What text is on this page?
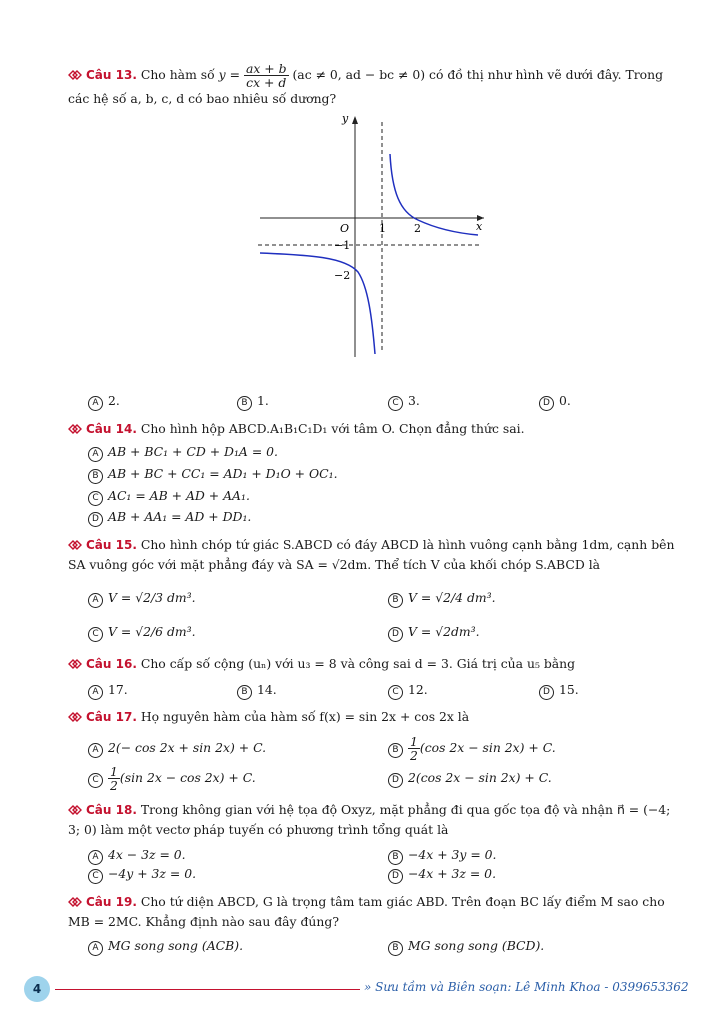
Câu 13. Cho hàm số $y = \frac{ax + b}{cx + d} (ac \ne 0$, ad − bc ≠ 0) có đồ thị như hình vẽ dưới đây. Trong
các hệ số a, b, c, d có bao nhiêu số dương?
y
x
O	1	2
−1
−2
A 2.	B 1.	C 3.	D 0.
Câu 14. Cho hình hộp ABCD.A₁B₁C₁D₁ với tâm O. Chọn đẳng thức sai.
A AB + BC₁ + CD + D₁A = 0.
B AB + BC + CC₁ = AD₁ + D₁O + OC₁.
C AC₁ = AB + AD + AA₁.
D AB + AA₁ = AD + DD₁.
Câu 15. Cho hình chóp tứ giác S.ABCD có đáy ABCD là hình vuông cạnh bằng 1dm, cạnh bên SA vuông góc với mặt phẳng đáy và SA = √2dm. Thể tích V của khối chóp S.ABCD là
A V = √2/3 dm³.	B V = √2/4 dm³.
C V = √2/6 dm³.	D V = √2dm³.
Câu 16. Cho cấp số cộng (uₙ) với u₃ = 8 và công sai d = 3. Giá trị của u₅ bằng
A 17.	B 14.	C 12.	D 15.
Câu 17. Họ nguyên hàm của hàm số f(x) = sin 2x + cos 2x là
A 2(− cos 2x + sin 2x) + C.	B $\frac{1}{2} (\cos$ 2x − sin 2x) + C.
C $\frac{1}{2} (\sin$ 2x − cos 2x) + C.	D 2(cos 2x − sin 2x) + C.
Câu 18. Trong không gian với hệ tọa độ Oxyz, mặt phẳng đi qua gốc tọa độ và nhận n⃗ = (−4; 3; 0) làm một vectơ pháp tuyến có phương trình tổng quát là
A 4x − 3z = 0.	B −4x + 3y = 0.
C −4y + 3z = 0.	D −4x + 3z = 0.
Câu 19. Cho tứ diện ABCD, G là trọng tâm tam giác ABD. Trên đoạn BC lấy điểm M sao cho MB = 2MC. Khẳng định nào sau đây đúng?
A MG song song (ACB).	B MG song song (BCD).
4	» Sưu tầm và Biên soạn: Lê Minh Khoa - 0399653362
